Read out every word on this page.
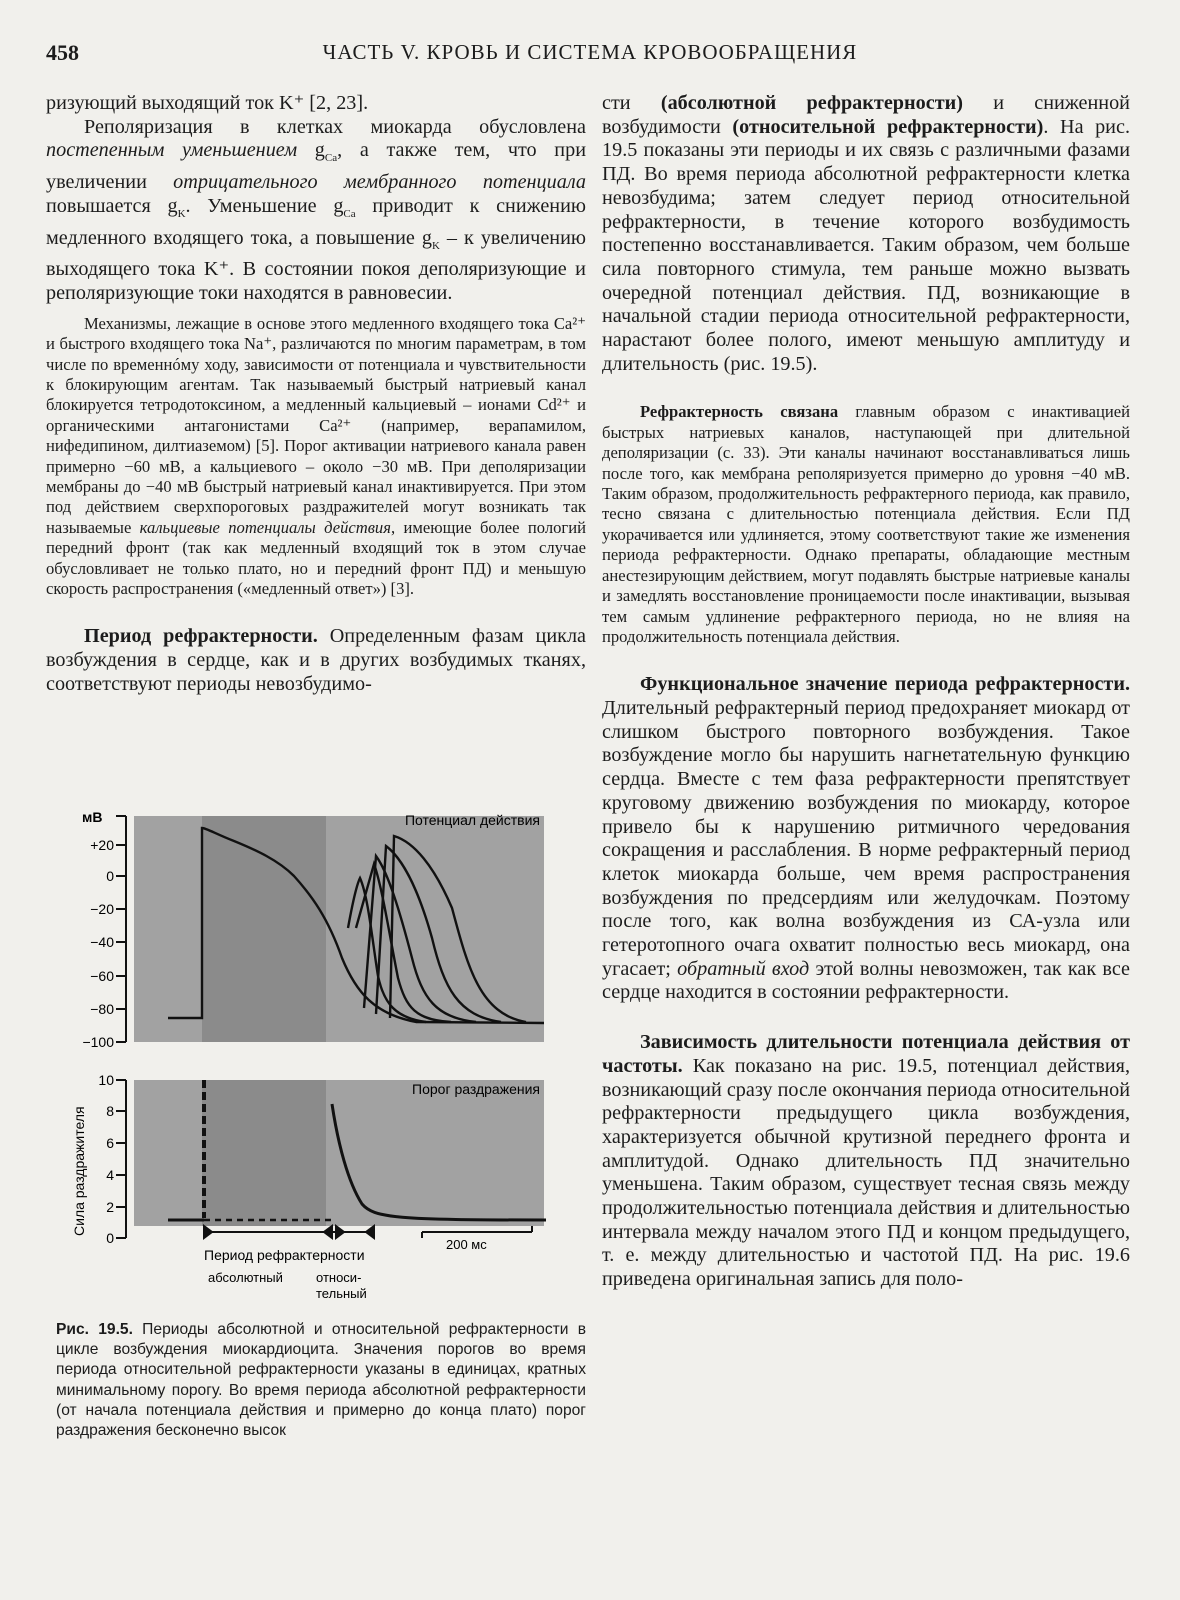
458	ЧАСТЬ V. КРОВЬ И СИСТЕМА КРОВООБРАЩЕНИЯ

ризующий выходящий ток K⁺ [2, 23].

Реполяризация в клетках миокарда обусловлена постепенным уменьшением $g_{Ca}$, а также тем, что при увеличении отрицательного мембранного потенциала повышается $g_K$. Уменьшение $g_{Ca}$ приводит к снижению медленного входящего тока, а повышение $g_K$ – к увеличению выходящего тока K⁺. В состоянии покоя деполяризующие и реполяризующие токи находятся в равновесии.

Механизмы, лежащие в основе этого медленного входящего тока Ca²⁺ и быстрого входящего тока Na⁺, различаются по многим параметрам, в том числе по временнóму ходу, зависимости от потенциала и чувствительности к блокирующим агентам. Так называемый быстрый натриевый канал блокируется тетродотоксином, а медленный кальциевый – ионами Cd²⁺ и органическими антагонистами Ca²⁺ (например, верапамилом, нифедипином, дилтиаземом) [5]. Порог активации натриевого канала равен примерно −60 мВ, а кальциевого – около −30 мВ. При деполяризации мембраны до −40 мВ быстрый натриевый канал инактивируется. При этом под действием сверхпороговых раздражителей могут возникать так называемые кальциевые потенциалы действия, имеющие более пологий передний фронт (так как медленный входящий ток в этом случае обусловливает не только плато, но и передний фронт ПД) и меньшую скорость распространения («медленный ответ») [3].

Период рефрактерности. Определенным фазам цикла возбуждения в сердце, как и в других возбудимых тканях, соответствуют периоды невозбудимо-

мВ
+20
0
−20
−40
−60
−80
−100
Потенциал действия
10
8
6
4
2
0
Сила раздражителя
Порог раздражения
200 мс
Период рефрактерности
абсолютный	относи-
тельный
Рис. 19.5. Периоды абсолютной и относительной рефрактерности в цикле возбуждения миокардиоцита. Значения порогов во время периода относительной рефрактерности указаны в единицах, кратных минимальному порогу. Во время периода абсолютной рефрактерности (от начала потенциала действия и примерно до конца плато) порог раздражения бесконечно высок

сти (абсолютной рефрактерности) и сниженной возбудимости (относительной рефрактерности). На рис. 19.5 показаны эти периоды и их связь с различными фазами ПД. Во время периода абсолютной рефрактерности клетка невозбудима; затем следует период относительной рефрактерности, в течение которого возбудимость постепенно восстанавливается. Таким образом, чем больше сила повторного стимула, тем раньше можно вызвать очередной потенциал действия. ПД, возникающие в начальной стадии периода относительной рефрактерности, нарастают более полого, имеют меньшую амплитуду и длительность (рис. 19.5).

Рефрактерность связана главным образом с инактивацией быстрых натриевых каналов, наступающей при длительной деполяризации (с. 33). Эти каналы начинают восстанавливаться лишь после того, как мембрана реполяризуется примерно до уровня −40 мВ. Таким образом, продолжительность рефрактерного периода, как правило, тесно связана с длительностью потенциала действия. Если ПД укорачивается или удлиняется, этому соответствуют такие же изменения периода рефрактерности. Однако препараты, обладающие местным анестезирующим действием, могут подавлять быстрые натриевые каналы и замедлять восстановление проницаемости после инактивации, вызывая тем самым удлинение рефрактерного периода, но не влияя на продолжительность потенциала действия.

Функциональное значение периода рефрактерности. Длительный рефрактерный период предохраняет миокард от слишком быстрого повторного возбуждения. Такое возбуждение могло бы нарушить нагнетательную функцию сердца. Вместе с тем фаза рефрактерности препятствует круговому движению возбуждения по миокарду, которое привело бы к нарушению ритмичного чередования сокращения и расслабления. В норме рефрактерный период клеток миокарда больше, чем время распространения возбуждения по предсердиям или желудочкам. Поэтому после того, как волна возбуждения из СА-узла или гетеротопного очага охватит полностью весь миокард, она угасает; обратный вход этой волны невозможен, так как все сердце находится в состоянии рефрактерности.

Зависимость длительности потенциала действия от частоты. Как показано на рис. 19.5, потенциал действия, возникающий сразу после окончания периода относительной рефрактерности предыдущего цикла возбуждения, характеризуется обычной крутизной переднего фронта и амплитудой. Однако длительность ПД значительно уменьшена. Таким образом, существует тесная связь между продолжительностью потенциала действия и длительностью интервала между началом этого ПД и концом предыдущего, т. е. между длительностью и частотой ПД. На рис. 19.6 приведена оригинальная запись для поло-
